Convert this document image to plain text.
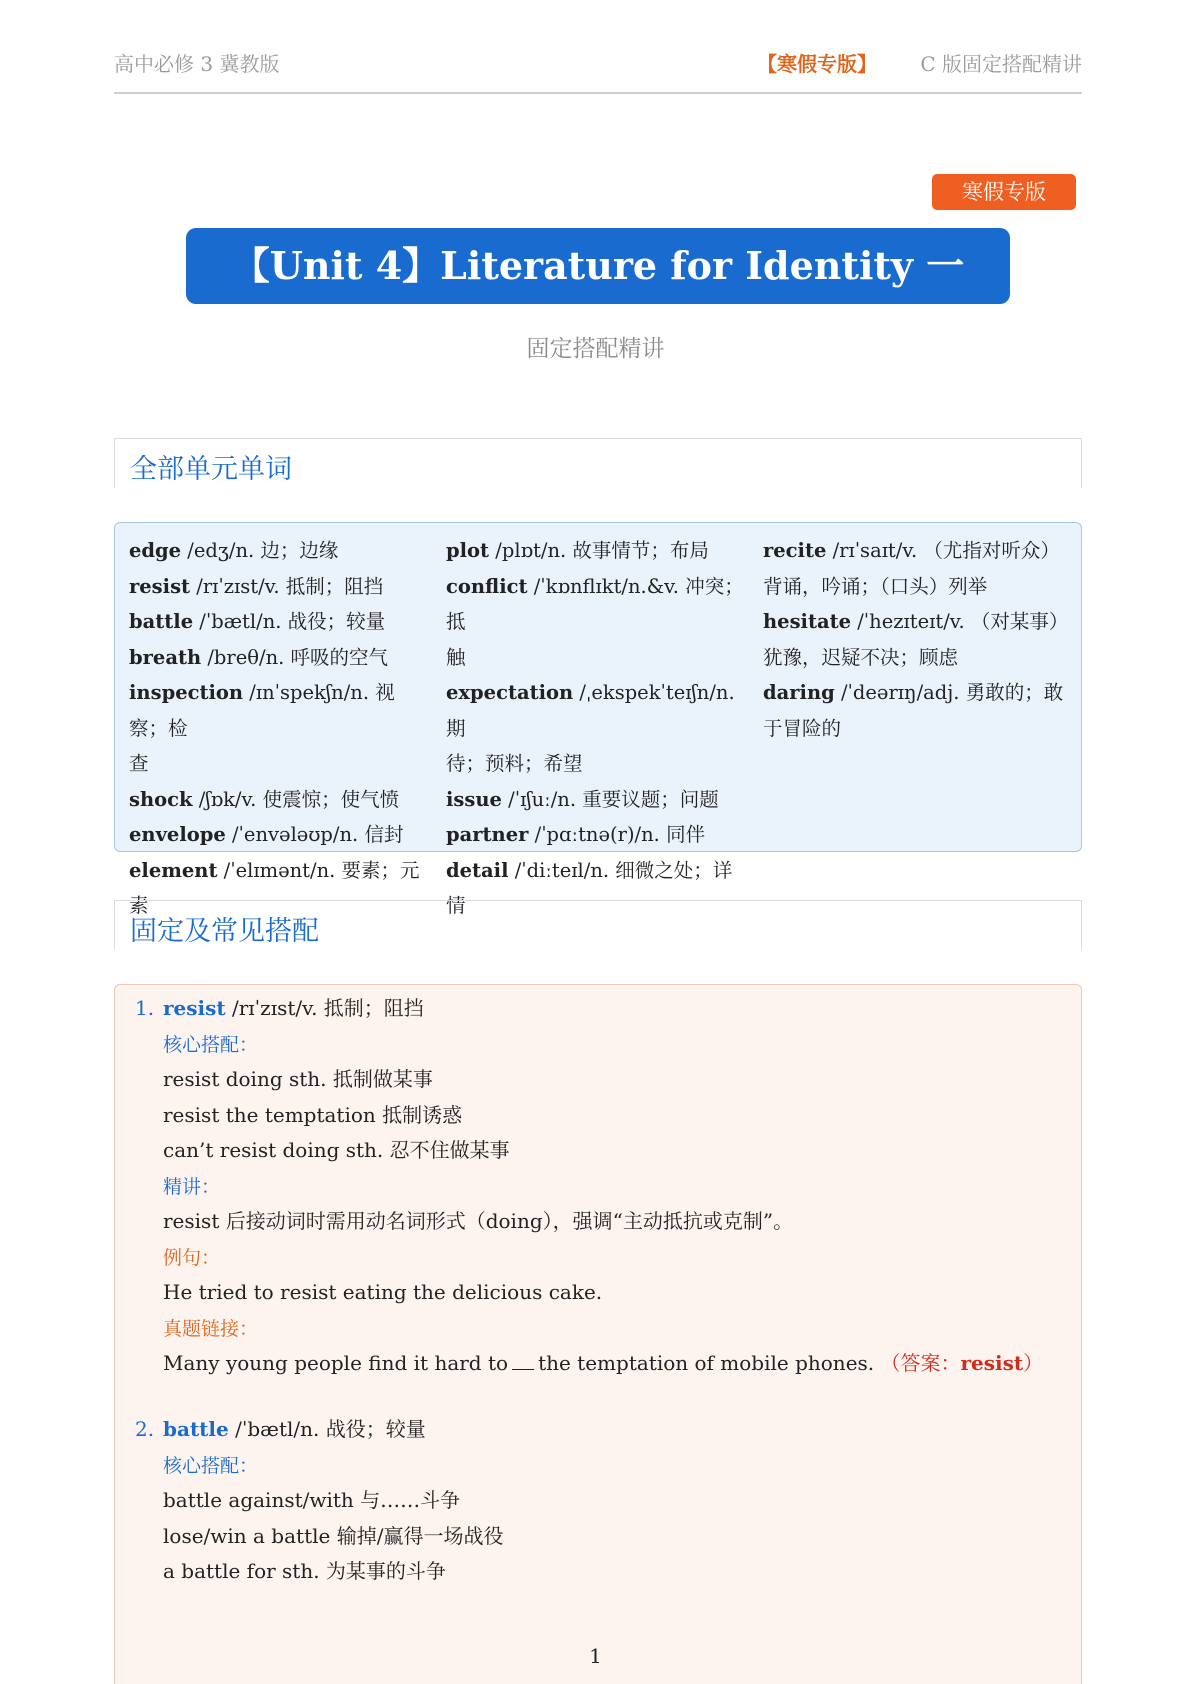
高中必修 3 冀教版	【寒假专版】 C 版固定搭配精讲
寒假专版
【Unit 4】Literature for Identity 一
固定搭配精讲
全部单元单词

edge /edʒ/n. 边；边缘

resist /rɪˈzɪst/v. 抵制；阻挡

battle /ˈbætl/n. 战役；较量

breath /breθ/n. 呼吸的空气

inspection /ɪnˈspekʃn/n. 视察；检

查

shock /ʃɒk/v. 使震惊；使气愤

envelope /ˈenvələʊp/n. 信封

element /ˈelɪmənt/n. 要素；元素

plot /plɒt/n. 故事情节；布局

conflict /ˈkɒnflɪkt/n.&v. 冲突；抵

触

expectation /ˌekspekˈteɪʃn/n. 期

待；预料；希望

issue /ˈɪʃuː/n. 重要议题；问题

partner /ˈpɑːtnə(r)/n. 同伴

detail /ˈdiːteɪl/n. 细微之处；详

情

recite /rɪˈsaɪt/v. （尤指对听众）

背诵，吟诵；（口头）列举

hesitate /ˈhezɪteɪt/v. （对某事）

犹豫，迟疑不决；顾虑

daring /ˈdeərɪŋ/adj. 勇敢的；敢

于冒险的

固定及常见搭配
1. resist /rɪˈzɪst/v. 抵制；阻挡
核心搭配：
resist doing sth. 抵制做某事
resist the temptation 抵制诱惑
can’t resist doing sth. 忍不住做某事
精讲：
resist 后接动词时需用动名词形式（doing），强调“主动抵抗或克制”。
例句：
He tried to resist eating the delicious cake.
真题链接：
Many young people find it hard to the temptation of mobile phones. （答案：resist）
2. battle /ˈbætl/n. 战役；较量
核心搭配：
battle against/with 与……斗争
lose/win a battle 输掉/赢得一场战役
a battle for sth. 为某事的斗争
1
